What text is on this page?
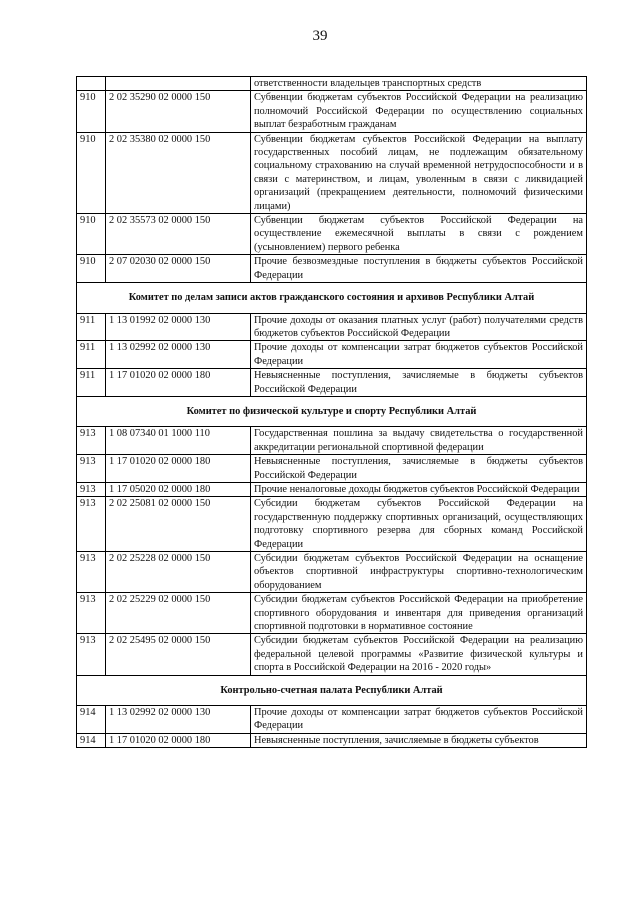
39
		ответственности владельцев транспортных средств
910	2 02 35290 02 0000 150	Субвенции бюджетам субъектов Российской Федерации на реализацию полномочий Российской Федерации по осуществлению социальных выплат безработным гражданам
910	2 02 35380 02 0000 150	Субвенции бюджетам субъектов Российской Федерации на выплату государственных пособий лицам, не подлежащим обязательному социальному страхованию на случай временной нетрудоспособности и в связи с материнством, и лицам, уволенным в связи с ликвидацией организаций (прекращением деятельности, полномочий физическими лицами)
910	2 02 35573 02 0000 150	Субвенции бюджетам субъектов Российской Федерации на осуществление ежемесячной выплаты в связи с рождением (усыновлением) первого ребенка
910	2 07 02030 02 0000 150	Прочие безвозмездные поступления в бюджеты субъектов Российской Федерации
Комитет по делам записи актов гражданского состояния и архивов Республики Алтай		
911	1 13 01992 02 0000 130	Прочие доходы от оказания платных услуг (работ) получателями средств бюджетов субъектов Российской Федерации
911	1 13 02992 02 0000 130	Прочие доходы от компенсации затрат бюджетов субъектов Российской Федерации
911	1 17 01020 02 0000 180	Невыясненные поступления, зачисляемые в бюджеты субъектов Российской Федерации
Комитет по физической культуре и спорту Республики Алтай		
913	1 08 07340 01 1000 110	Государственная пошлина за выдачу свидетельства о государственной аккредитации региональной спортивной федерации
913	1 17 01020 02 0000 180	Невыясненные поступления, зачисляемые в бюджеты субъектов Российской Федерации
913	1 17 05020 02 0000 180	Прочие неналоговые доходы бюджетов субъектов Российской Федерации
913	2 02 25081 02 0000 150	Субсидии бюджетам субъектов Российской Федерации на государственную поддержку спортивных организаций, осуществляющих подготовку спортивного резерва для сборных команд Российской Федерации
913	2 02 25228 02 0000 150	Субсидии бюджетам субъектов Российской Федерации на оснащение объектов спортивной инфраструктуры спортивно-технологическим оборудованием
913	2 02 25229 02 0000 150	Субсидии бюджетам субъектов Российской Федерации на приобретение спортивного оборудования и инвентаря для приведения организаций спортивной подготовки в нормативное состояние
913	2 02 25495 02 0000 150	Субсидии бюджетам субъектов Российской Федерации на реализацию федеральной целевой программы «Развитие физической культуры и спорта в Российской Федерации на 2016 - 2020 годы»
Контрольно-счетная палата Республики Алтай		
914	1 13 02992 02 0000 130	Прочие доходы от компенсации затрат бюджетов субъектов Российской Федерации
914	1 17 01020 02 0000 180	Невыясненные поступления, зачисляемые в бюджеты субъектов
